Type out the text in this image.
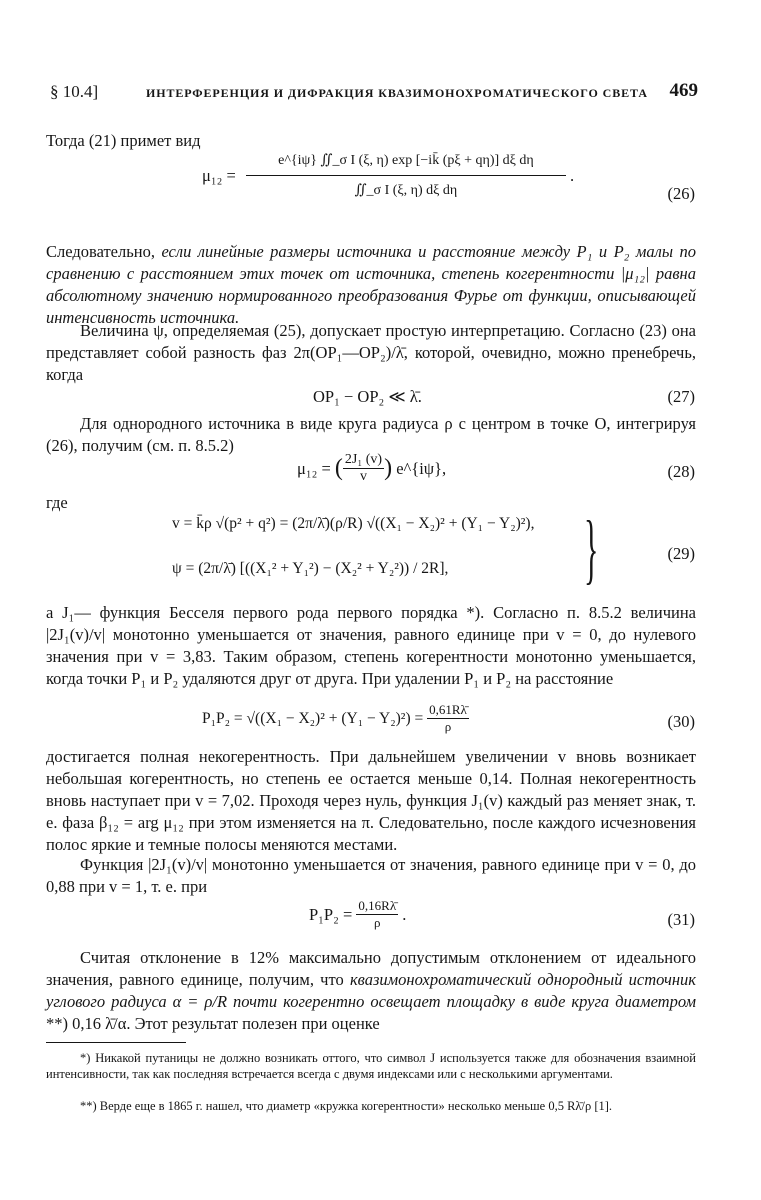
§ 10.4]	ИНТЕРФЕРЕНЦИЯ И ДИФРАКЦИЯ КВАЗИМОНОХРОМАТИЧЕСКОГО СВЕТА 469
Тогда (21) примет вид
$\mu_{12} = \frac{\text{e\textasciicircum{}\{iψ\} ∬\_σ I (ξ, η) exp [−ik̄ (pξ + qη)] dξ dη}}{\text{∬\_σ I (ξ, η) dξ dη}}$ .
(26)
Следовательно, если линейные размеры источника и расстояние между P₁ и P₂ малы по сравнению с расстоянием этих точек от источника, степень когерентности |μ₁₂| равна абсолютному значению нормированного преобразования Фурье от функции, описывающей интенсивность источника.
Величина ψ, определяемая (25), допускает простую интерпретацию. Согласно (23) она представляет собой разность фаз 2π(OP₁—OP₂)/λ̄, которой, очевидно, можно пренебречь, когда
OP₁ − OP₂ ≪ λ̄.	(27)
Для однородного источника в виде круга радиуса ρ с центром в точке O, интегрируя (26), получим (см. п. 8.5.2)
μ₁₂ = ( $\frac{\text{2J₁ (v)}}{v}$ ) e^{iψ},	(28)
где
v = k̄ρ √(p² + q²) = (2π/λ̄)(ρ/R) √((X₁ − X₂)² + (Y₁ − Y₂)²),
ψ = (2π/λ̄) [((X₁² + Y₁²) − (X₂² + Y₂²)) / 2R],	}	(29)
а J₁— функция Бесселя первого рода первого порядка *). Согласно п. 8.5.2 величина |2J₁(v)/v| монотонно уменьшается от значения, равного единице при v = 0, до нулевого значения при v = 3,83. Таким образом, степень когерентности монотонно уменьшается, когда точки P₁ и P₂ удаляются друг от друга. При удалении P₁ и P₂ на расстояние
$P_1P_2 = √((X_1 - X_2)^2 + (Y_1 - Y_2)^2) = \frac{0,61R\lambdā}{\rho}$	(30)
достигается полная некогерентность. При дальнейшем увеличении v вновь возникает небольшая когерентность, но степень ее остается меньше 0,14. Полная некогерентность вновь наступает при v = 7,02. Проходя через нуль, функция J₁(v) каждый раз меняет знак, т. е. фаза β₁₂ = arg μ₁₂ при этом изменяется на π. Следовательно, после каждого исчезновения полос яркие и темные полосы меняются местами.
Функция |2J₁(v)/v| монотонно уменьшается от значения, равного единице при v = 0, до 0,88 при v = 1, т. е. при
$P_1P_2 = \frac{0,16R\lambdā}{\rho}$ .	(31)
Считая отклонение в 12% максимально допустимым отклонением от идеального значения, равного единице, получим, что квазимонохроматический однородный источник углового радиуса α = ρ/R почти когерентно освещает площадку в виде круга диаметром **) 0,16 λ̄/α. Этот результат полезен при оценке
*) Никакой путаницы не должно возникать оттого, что символ J используется также для обозначения взаимной интенсивности, так как последняя встречается всегда с двумя индексами или с несколькими аргументами.
**) Верде еще в 1865 г. нашел, что диаметр «кружка когерентности» несколько меньше 0,5 Rλ̄/ρ [1].
